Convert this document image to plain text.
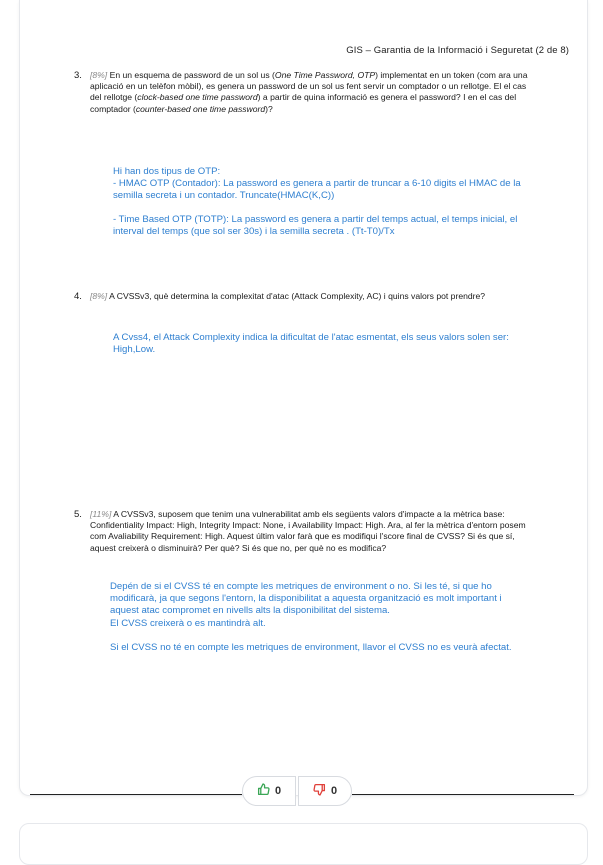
GIS – Garantia de la Informació i Seguretat (2 de 8)
3. [8%] En un esquema de password de un sol us (One Time Password, OTP) implementat en un token (com ara una aplicació en un telèfon mòbil), es genera un password de un sol us fent servir un comptador o un rellotge. El el cas del rellotge (clock-based one time password) a partir de quina informació es genera el password? I en el cas del comptador (counter-based one time password)?

Hi han dos tipus de OTP:

- HMAC OTP (Contador): La password es genera a partir de truncar a 6-10 digits el HMAC de la semilla secreta i un contador. Truncate(HMAC(K,C))

- Time Based OTP (TOTP): La password es genera a partir del temps actual, el temps inicial, el interval del temps (que sol ser 30s) i la semilla secreta . (Tt-T0)/Tx

4. [8%] A CVSSv3, què determina la complexitat d'atac (Attack Complexity, AC) i quins valors pot prendre?

A Cvss4, el Attack Complexity indica la dificultat de l'atac esmentat, els seus valors solen ser: High,Low.

5. [11%] A CVSSv3, suposem que tenim una vulnerabilitat amb els següents valors d'impacte a la mètrica base: Confidentiality Impact: High, Integrity Impact: None, i Availability Impact: High. Ara, al fer la mètrica d'entorn posem com Avaliability Requirement: High. Aquest últim valor farà que es modifiqui l'score final de CVSS? Si és que sí, aquest creixerà o disminuirà? Per què? Si és que no, per què no es modifica?

Depén de si el CVSS té en compte les metriques de environment o no. Si les té, si que ho modificarà, ja que segons l'entorn, la disponibilitat a aquesta organització es molt important i aquest atac compromet en nivells alts la disponibilitat del sistema.

El CVSS creixerà o es mantindrà alt.

Si el CVSS no té en compte les metriques de environment, llavor el CVSS no es veurà afectat.

0	0
